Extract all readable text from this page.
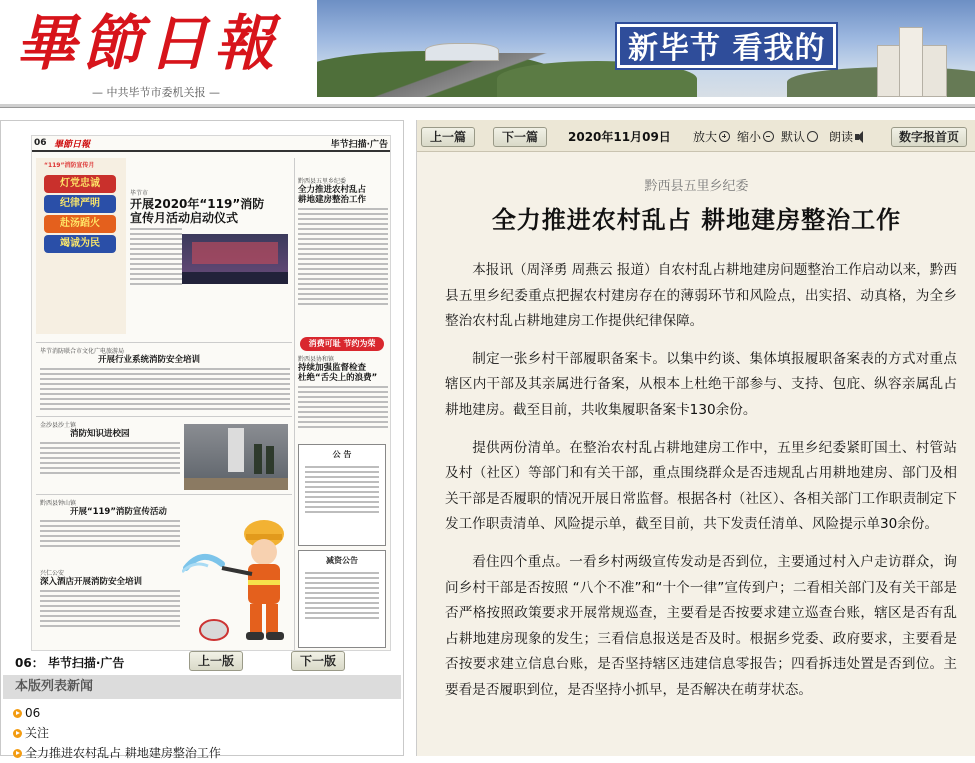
畢節日報
— 中共毕节市委机关报 —
新毕节 看我的
06 畢節日報	毕节扫描·广告
“119”消防宣传月
灯党忠诚
纪律严明
赴汤蹈火
竭诚为民
毕节市
开展2020年“119”消防
宣传月活动启动仪式
黔西县五里乡纪委
全力推进农村乱占
耕地建房整治工作
毕节消防联合市文化广电旅游局
开展行业系统消防安全培训
消费可耻 节约为荣
黔西县协和镇
持续加强监督检查
杜绝“舌尖上的浪费”
金沙县沙土镇
消防知识进校园
公 告
黔西县钟山镇
开展“119”消防宣传活动
减资公告
兴仁公安
深入酒店开展消防安全培训
06： 毕节扫描·广告	上一版	下一版
本版列表新闻
06
关注
全力推进农村乱占 耕地建房整治工作
上一篇	下一篇	2020年11月09日 放大 缩小 默认 朗读	数字报首页
黔西县五里乡纪委
全力推进农村乱占 耕地建房整治工作

本报讯（周泽勇 周燕云 报道）自农村乱占耕地建房问题整治工作启动以来，黔西县五里乡纪委重点把握农村建房存在的薄弱环节和风险点，出实招、动真格，为全乡整治农村乱占耕地建房工作提供纪律保障。

制定一张乡村干部履职备案卡。以集中约谈、集体填报履职备案表的方式对重点辖区内干部及其亲属进行备案，从根本上杜绝干部参与、支持、包庇、纵容亲属乱占耕地建房。截至目前，共收集履职备案卡130余份。

提供两份清单。在整治农村乱占耕地建房工作中，五里乡纪委紧盯国土、村管站及村（社区）等部门和有关干部，重点围绕群众是否违规乱占用耕地建房、部门及相关干部是否履职的情况开展日常监督。根据各村（社区）、各相关部门工作职责制定下发工作职责清单、风险提示单，截至目前，共下发责任清单、风险提示单30余份。

看住四个重点。一看乡村两级宣传发动是否到位，主要通过村入户走访群众，询问乡村干部是否按照 “八个不准”和“十个一律”宣传到户；二看相关部门及有关干部是否严格按照政策要求开展常规巡查，主要看是否按要求建立巡查台账，辖区是否有乱占耕地建房现象的发生；三看信息报送是否及时。根据乡党委、政府要求，主要看是否按要求建立信息台账，是否坚持辖区违建信息零报告；四看拆违处置是否到位。主要看是否履职到位，是否坚持小抓早，是否解决在萌芽状态。
